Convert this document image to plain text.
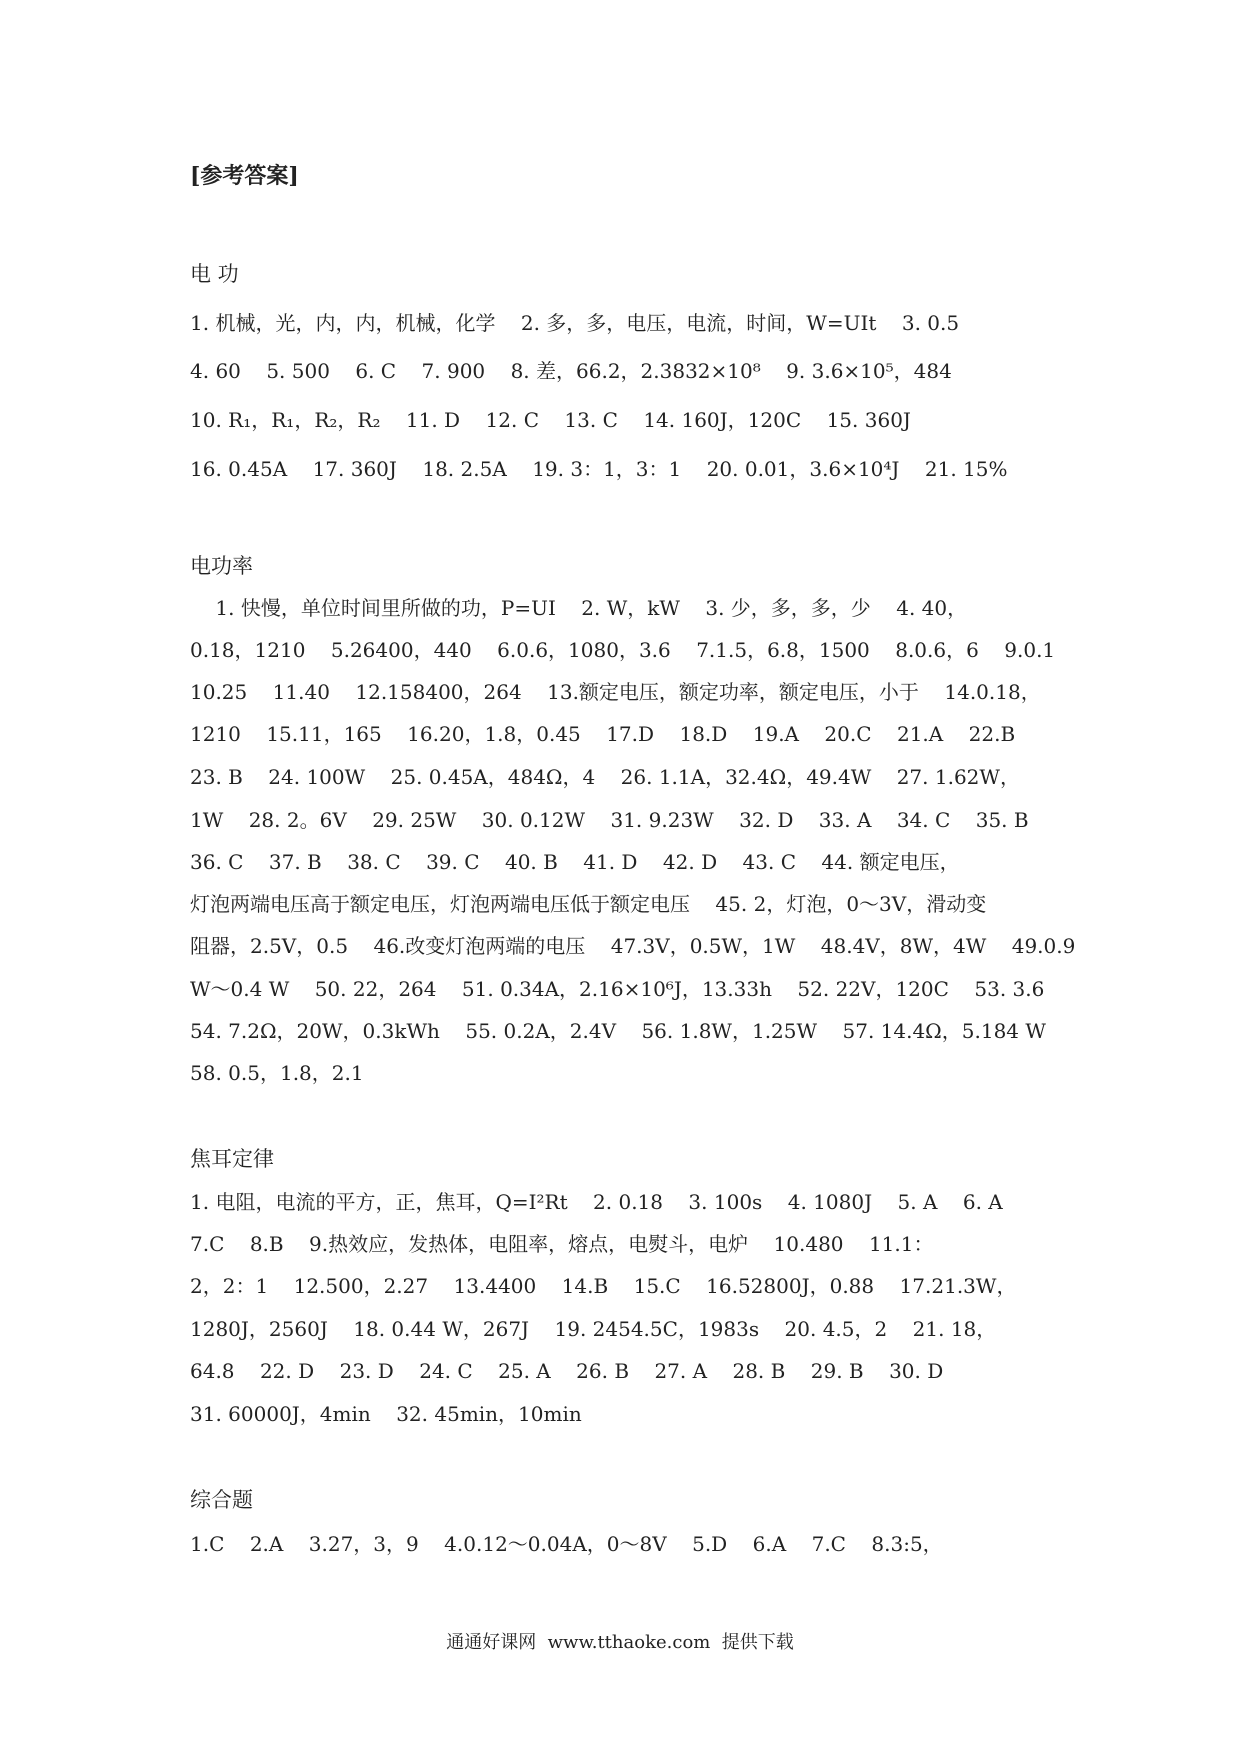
[参考答案]
电 功
1. 机械，光，内，内，机械，化学    2. 多，多，电压，电流，时间，W=UIt    3. 0.5
4. 60    5. 500    6. C    7. 900    8. 差，66.2，2.3832×10⁸    9. 3.6×10⁵，484
10. R₁，R₁，R₂，R₂    11. D    12. C    13. C    14. 160J，120C    15. 360J
16. 0.45A    17. 360J    18. 2.5A    19. 3：1，3：1    20. 0.01，3.6×10⁴J    21. 15%
电功率
1. 快慢，单位时间里所做的功，P=UI    2. W，kW    3. 少，多，多，少    4. 40，
0.18，1210    5.26400，440    6.0.6，1080，3.6    7.1.5，6.8，1500    8.0.6，6    9.0.1
10.25    11.40    12.158400，264    13.额定电压，额定功率，额定电压，小于    14.0.18，
1210    15.11，165    16.20，1.8，0.45    17.D    18.D    19.A    20.C    21.A    22.B
23. B    24. 100W    25. 0.45A，484Ω，4    26. 1.1A，32.4Ω，49.4W    27. 1.62W，
1W    28. 2。6V    29. 25W    30. 0.12W    31. 9.23W    32. D    33. A    34. C    35. B
36. C    37. B    38. C    39. C    40. B    41. D    42. D    43. C    44. 额定电压，
灯泡两端电压高于额定电压，灯泡两端电压低于额定电压    45. 2，灯泡，0～3V，滑动变
阻器，2.5V，0.5    46.改变灯泡两端的电压    47.3V，0.5W，1W    48.4V，8W，4W    49.0.9
W～0.4 W    50. 22，264    51. 0.34A，2.16×10⁶J，13.33h    52. 22V，120C    53. 3.6
54. 7.2Ω，20W，0.3kWh    55. 0.2A，2.4V    56. 1.8W，1.25W    57. 14.4Ω，5.184 W
58. 0.5，1.8，2.1
焦耳定律
1. 电阻，电流的平方，正，焦耳，Q=I²Rt    2. 0.18    3. 100s    4. 1080J    5. A    6. A
7.C    8.B    9.热效应，发热体，电阻率，熔点，电熨斗，电炉    10.480    11.1：
2，2：1    12.500，2.27    13.4400    14.B    15.C    16.52800J，0.88    17.21.3W，
1280J，2560J    18. 0.44 W，267J    19. 2454.5C，1983s    20. 4.5，2    21. 18，
64.8    22. D    23. D    24. C    25. A    26. B    27. A    28. B    29. B    30. D
31. 60000J，4min    32. 45min，10min
综合题
1.C    2.A    3.27，3，9    4.0.12～0.04A，0～8V    5.D    6.A    7.C    8.3:5，
通通好课网  www.tthaoke.com  提供下载
